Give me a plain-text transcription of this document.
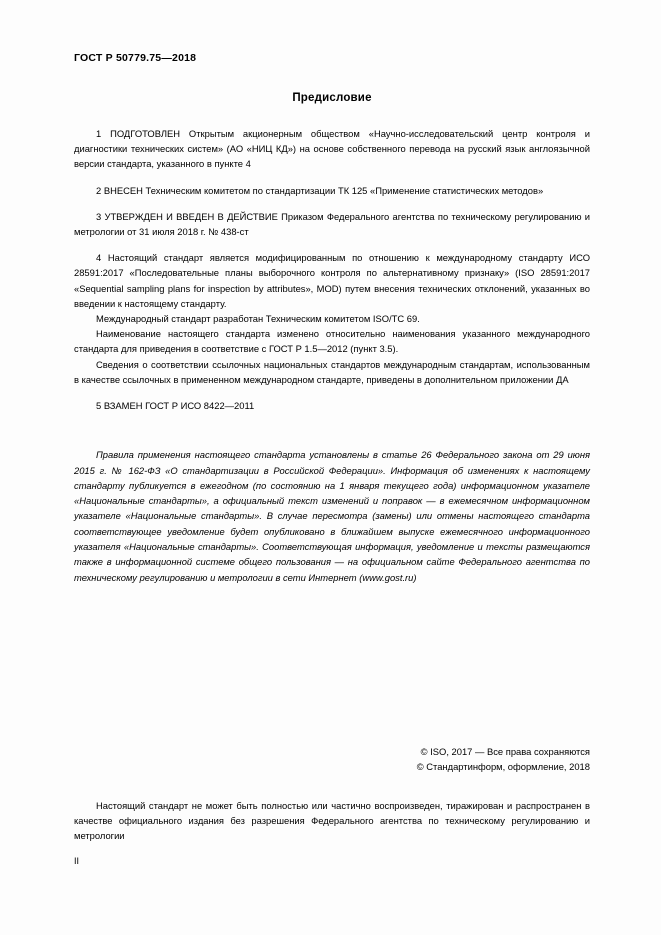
ГОСТ Р 50779.75—2018
Предисловие

1 ПОДГОТОВЛЕН Открытым акционерным обществом «Научно-исследовательский центр контроля и диагностики технических систем» (АО «НИЦ КД») на основе собственного перевода на русский язык англоязычной версии стандарта, указанного в пункте 4

2 ВНЕСЕН Техническим комитетом по стандартизации ТК 125 «Применение статистических методов»

3 УТВЕРЖДЕН И ВВЕДЕН В ДЕЙСТВИЕ Приказом Федерального агентства по техническому регулированию и метрологии от 31 июля 2018 г. № 438-ст

4 Настоящий стандарт является модифицированным по отношению к международному стандарту ИСО 28591:2017 «Последовательные планы выборочного контроля по альтернативному признаку» (ISO 28591:2017 «Sequential sampling plans for inspection by attributes», MOD) путем внесения технических отклонений, указанных во введении к настоящему стандарту.

Международный стандарт разработан Техническим комитетом ISO/TC 69.

Наименование настоящего стандарта изменено относительно наименования указанного международного стандарта для приведения в соответствие с ГОСТ Р 1.5—2012 (пункт 3.5).

Сведения о соответствии ссылочных национальных стандартов международным стандартам, использованным в качестве ссылочных в примененном международном стандарте, приведены в дополнительном приложении ДА

5 ВЗАМЕН ГОСТ Р ИСО 8422—2011

Правила применения настоящего стандарта установлены в статье 26 Федерального закона от 29 июня 2015 г. № 162-ФЗ «О стандартизации в Российской Федерации». Информация об изменениях к настоящему стандарту публикуется в ежегодном (по состоянию на 1 января текущего года) информационном указателе «Национальные стандарты», а официальный текст изменений и поправок — в ежемесячном информационном указателе «Национальные стандарты». В случае пересмотра (замены) или отмены настоящего стандарта соответствующее уведомление будет опубликовано в ближайшем выпуске ежемесячного информационного указателя «Национальные стандарты». Соответствующая информация, уведомление и тексты размещаются также в информационной системе общего пользования — на официальном сайте Федерального агентства по техническому регулированию и метрологии в сети Интернет (www.gost.ru)

© ISO, 2017 — Все права сохраняются
© Стандартинформ, оформление, 2018
Настоящий стандарт не может быть полностью или частично воспроизведен, тиражирован и распространен в качестве официального издания без разрешения Федерального агентства по техническому регулированию и метрологии
II
